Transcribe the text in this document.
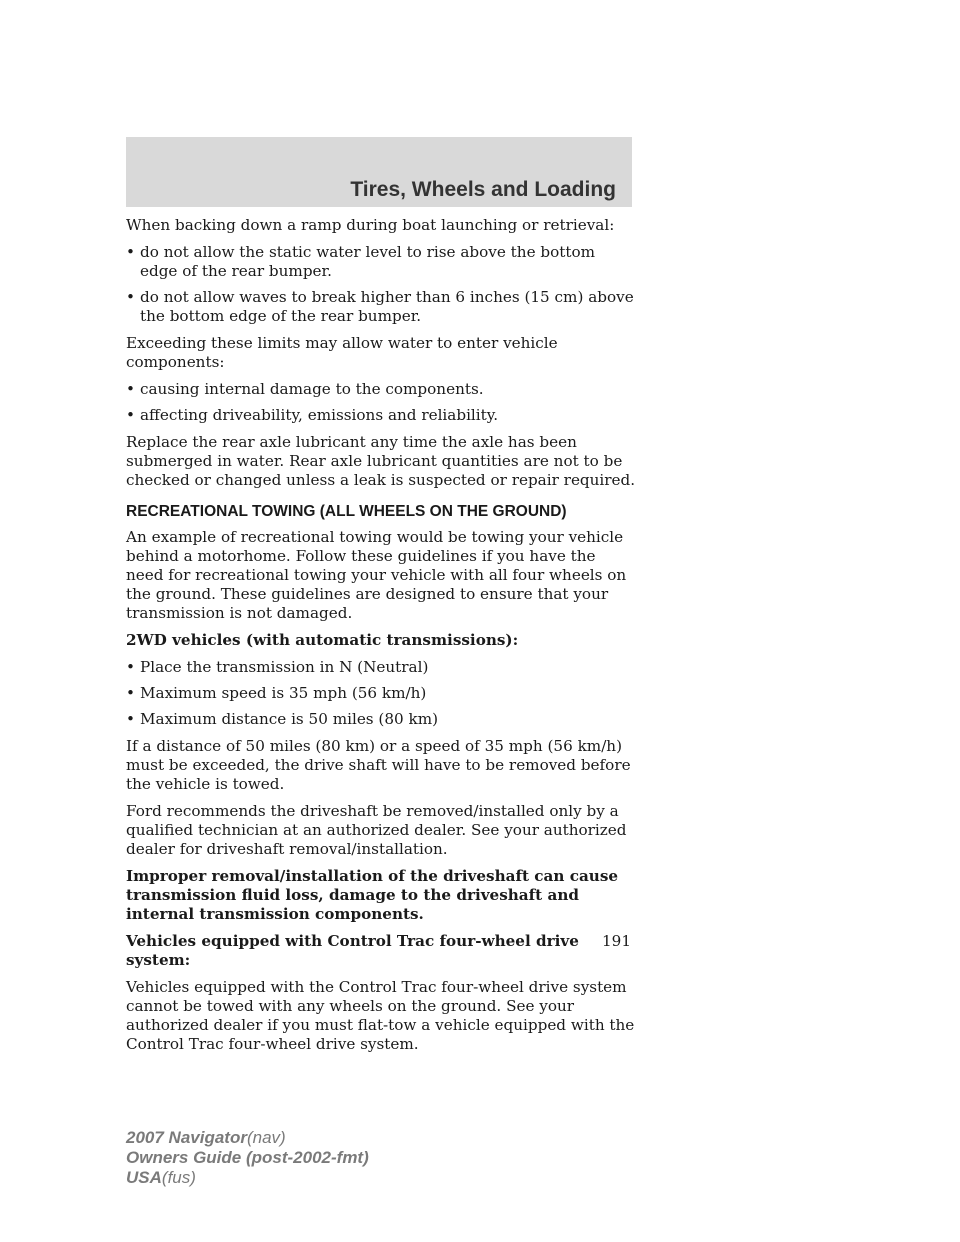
Tires, Wheels and Loading

When backing down a ramp during boat launching or retrieval:

• do not allow the static water level to rise above the bottom edge of the rear bumper.
• do not allow waves to break higher than 6 inches (15 cm) above the bottom edge of the rear bumper.

Exceeding these limits may allow water to enter vehicle components:

• causing internal damage to the components.
• affecting driveability, emissions and reliability.

Replace the rear axle lubricant any time the axle has been submerged in water. Rear axle lubricant quantities are not to be checked or changed unless a leak is suspected or repair required.

RECREATIONAL TOWING (ALL WHEELS ON THE GROUND)

An example of recreational towing would be towing your vehicle behind a motorhome. Follow these guidelines if you have the need for recreational towing your vehicle with all four wheels on the ground. These guidelines are designed to ensure that your transmission is not damaged.

2WD vehicles (with automatic transmissions):

• Place the transmission in N (Neutral)
• Maximum speed is 35 mph (56 km/h)
• Maximum distance is 50 miles (80 km)

If a distance of 50 miles (80 km) or a speed of 35 mph (56 km/h) must be exceeded, the drive shaft will have to be removed before the vehicle is towed.

Ford recommends the driveshaft be removed/installed only by a qualified technician at an authorized dealer. See your authorized dealer for driveshaft removal/installation.

Improper removal/installation of the driveshaft can cause transmission fluid loss, damage to the driveshaft and internal transmission components.

Vehicles equipped with Control Trac four-wheel drive system:

Vehicles equipped with the Control Trac four-wheel drive system cannot be towed with any wheels on the ground. See your authorized dealer if you must flat-tow a vehicle equipped with the Control Trac four-wheel drive system.

191
2007 Navigator(nav)
Owners Guide (post-2002-fmt)
USA(fus)
